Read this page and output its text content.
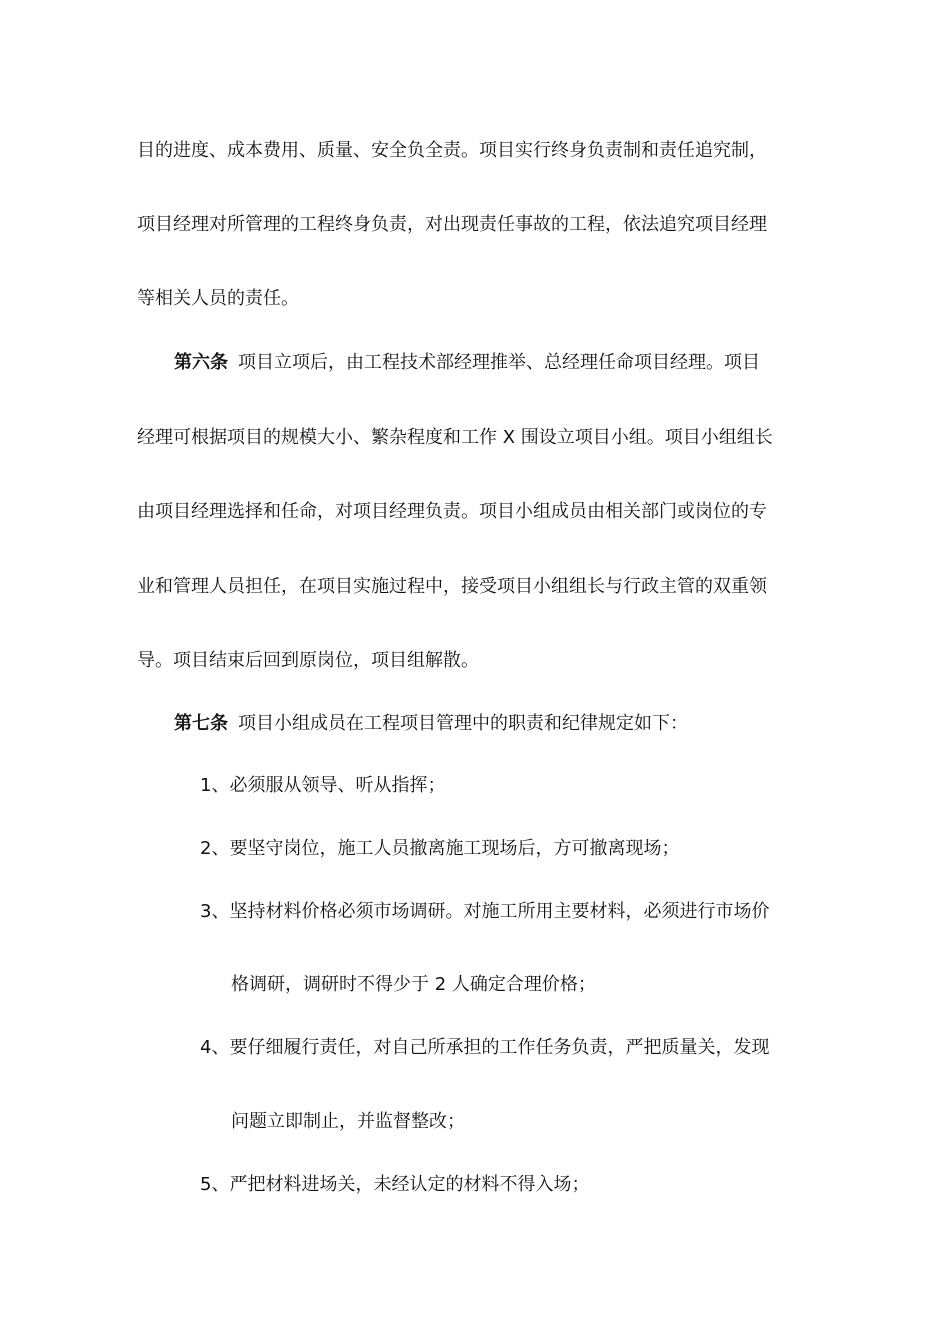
目的进度、成本费用、质量、安全负全责。项目实行终身负责制和责任追究制，
项目经理对所管理的工程终身负责，对出现责任事故的工程，依法追究项目经理
等相关人员的责任。
第六条 项目立项后，由工程技术部经理推举、总经理任命项目经理。项目
经理可根据项目的规模大小、繁杂程度和工作 X 围设立项目小组。项目小组组长
由项目经理选择和任命，对项目经理负责。项目小组成员由相关部门或岗位的专
业和管理人员担任，在项目实施过程中，接受项目小组组长与行政主管的双重领
导。项目结束后回到原岗位，项目组解散。
第七条 项目小组成员在工程项目管理中的职责和纪律规定如下：
1、必须服从领导、听从指挥；
2、要坚守岗位，施工人员撤离施工现场后，方可撤离现场；
3、坚持材料价格必须市场调研。对施工所用主要材料，必须进行市场价
格调研，调研时不得少于 2 人确定合理价格；
4、要仔细履行责任，对自己所承担的工作任务负责，严把质量关，发现
问题立即制止，并监督整改；
5、严把材料进场关，未经认定的材料不得入场；
